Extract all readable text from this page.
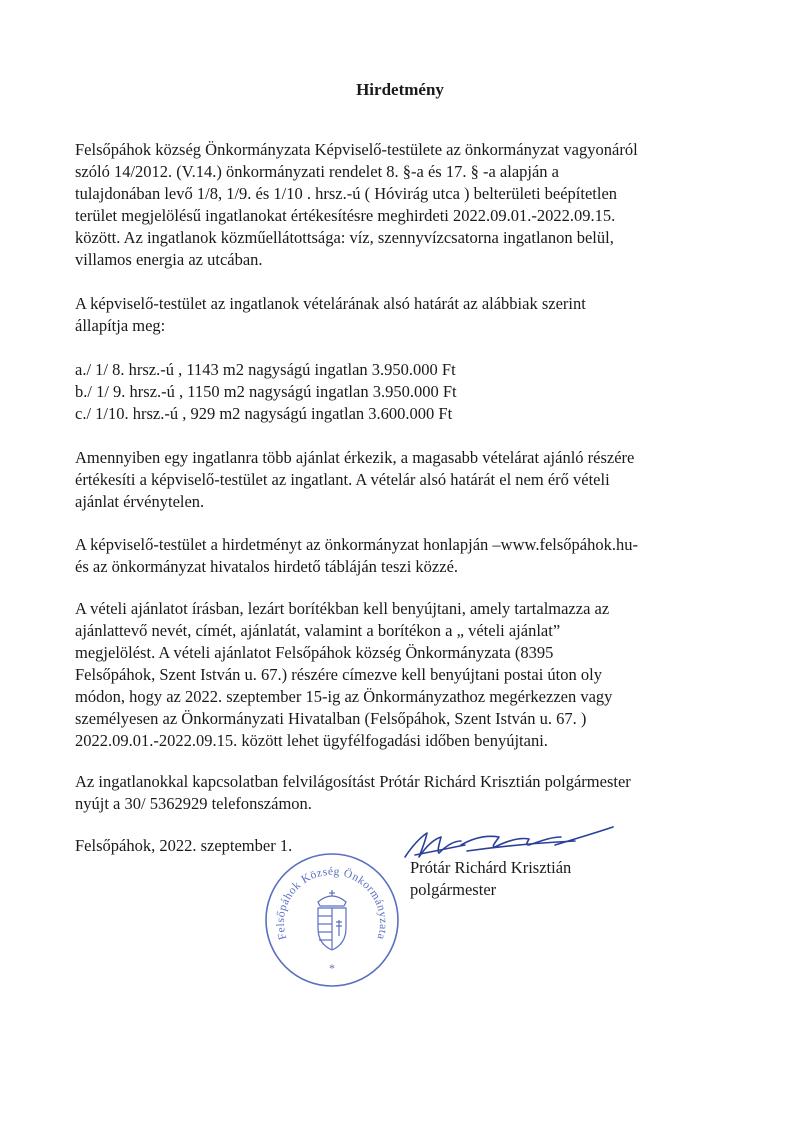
Hirdetmény

Felsőpáhok község Önkormányzata Képviselő-testülete az önkormányzat vagyonáról
szóló 14/2012. (V.14.) önkormányzati rendelet 8. §-a és 17. § -a alapján a
tulajdonában levő 1/8, 1/9. és 1/10 . hrsz.-ú ( Hóvirág utca ) belterületi beépítetlen
terület megjelölésű ingatlanokat értékesítésre meghirdeti 2022.09.01.-2022.09.15.
között. Az ingatlanok közműellátottsága: víz, szennyvízcsatorna ingatlanon belül,
villamos energia az utcában.

A képviselő-testület az ingatlanok vételárának alsó határát az alábbiak szerint
állapítja meg:

a./ 1/ 8. hrsz.-ú , 1143 m2 nagyságú ingatlan 3.950.000 Ft
b./ 1/ 9. hrsz.-ú , 1150 m2 nagyságú ingatlan 3.950.000 Ft
c./ 1/10. hrsz.-ú , 929 m2 nagyságú ingatlan 3.600.000 Ft

Amennyiben egy ingatlanra több ajánlat érkezik, a magasabb vételárat ajánló részére
értékesíti a képviselő-testület az ingatlant. A vételár alsó határát el nem érő vételi
ajánlat érvénytelen.

A képviselő-testület a hirdetményt az önkormányzat honlapján –www.felsőpáhok.hu-
és az önkormányzat hivatalos hirdető tábláján teszi közzé.

A vételi ajánlatot írásban, lezárt borítékban kell benyújtani, amely tartalmazza az
ajánlattevő nevét, címét, ajánlatát, valamint a borítékon a „ vételi ajánlat”
megjelölést. A vételi ajánlatot Felsőpáhok község Önkormányzata (8395
Felsőpáhok, Szent István u. 67.) részére címezve kell benyújtani postai úton oly
módon, hogy az 2022. szeptember 15-ig az Önkormányzathoz megérkezzen vagy
személyesen az Önkormányzati Hivatalban (Felsőpáhok, Szent István u. 67. )
2022.09.01.-2022.09.15. között lehet ügyfélfogadási időben benyújtani.

Az ingatlanokkal kapcsolatban felvilágosítást Prótár Richárd Krisztián polgármester
nyújt a 30/ 5362929 telefonszámon.

Felsőpáhok, 2022. szeptember 1.
Prótár Richárd Krisztián
polgármester
Felsőpáhok Község Önkormányzata
*
